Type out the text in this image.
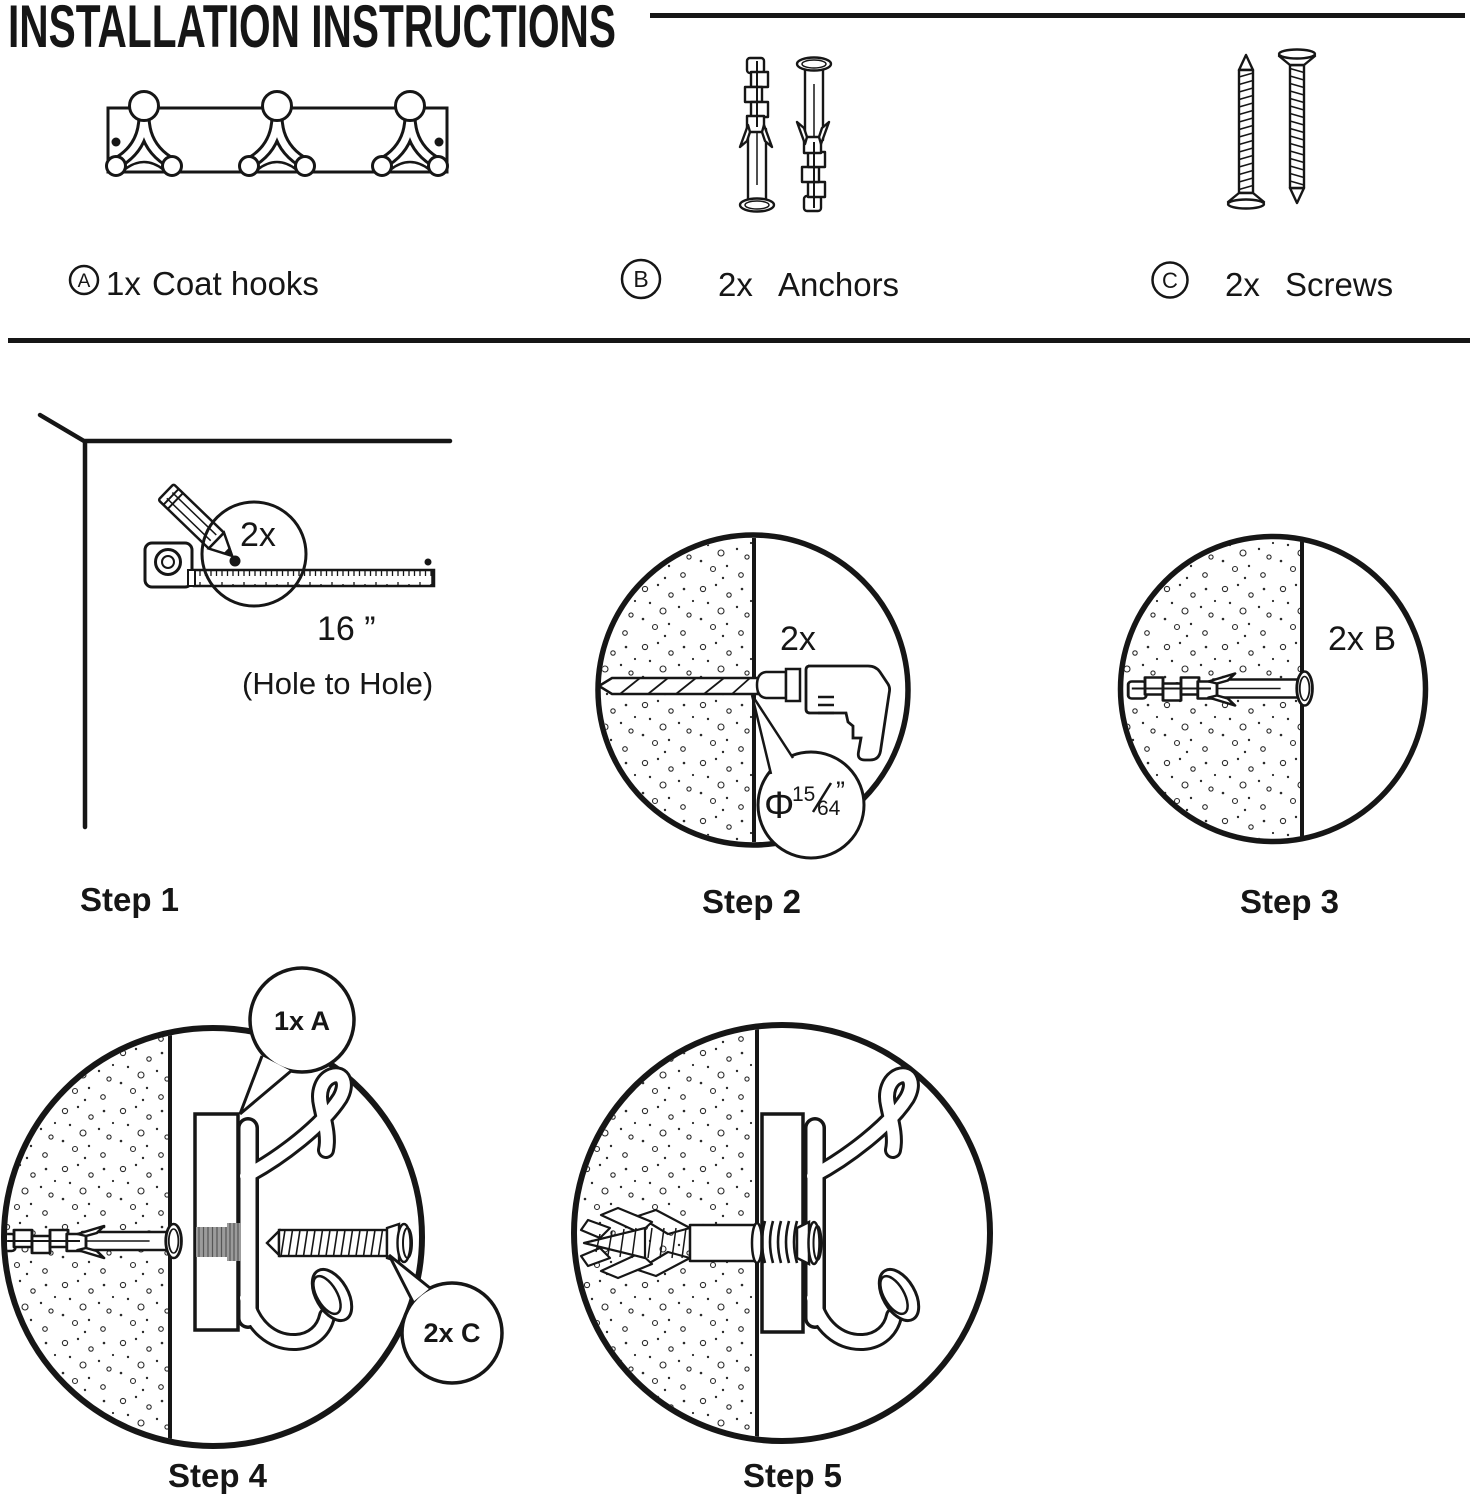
INSTALLATION INSTRUCTIONS
A 1x Coat hooks	B 2x Anchors	C 2x Screws
2x
16 ”
(Hole to Hole)
Step 1
2x
Φ
15
64
”
Step 2
2x B
Step 3
1x A
2x C
Step 4	Step 5
